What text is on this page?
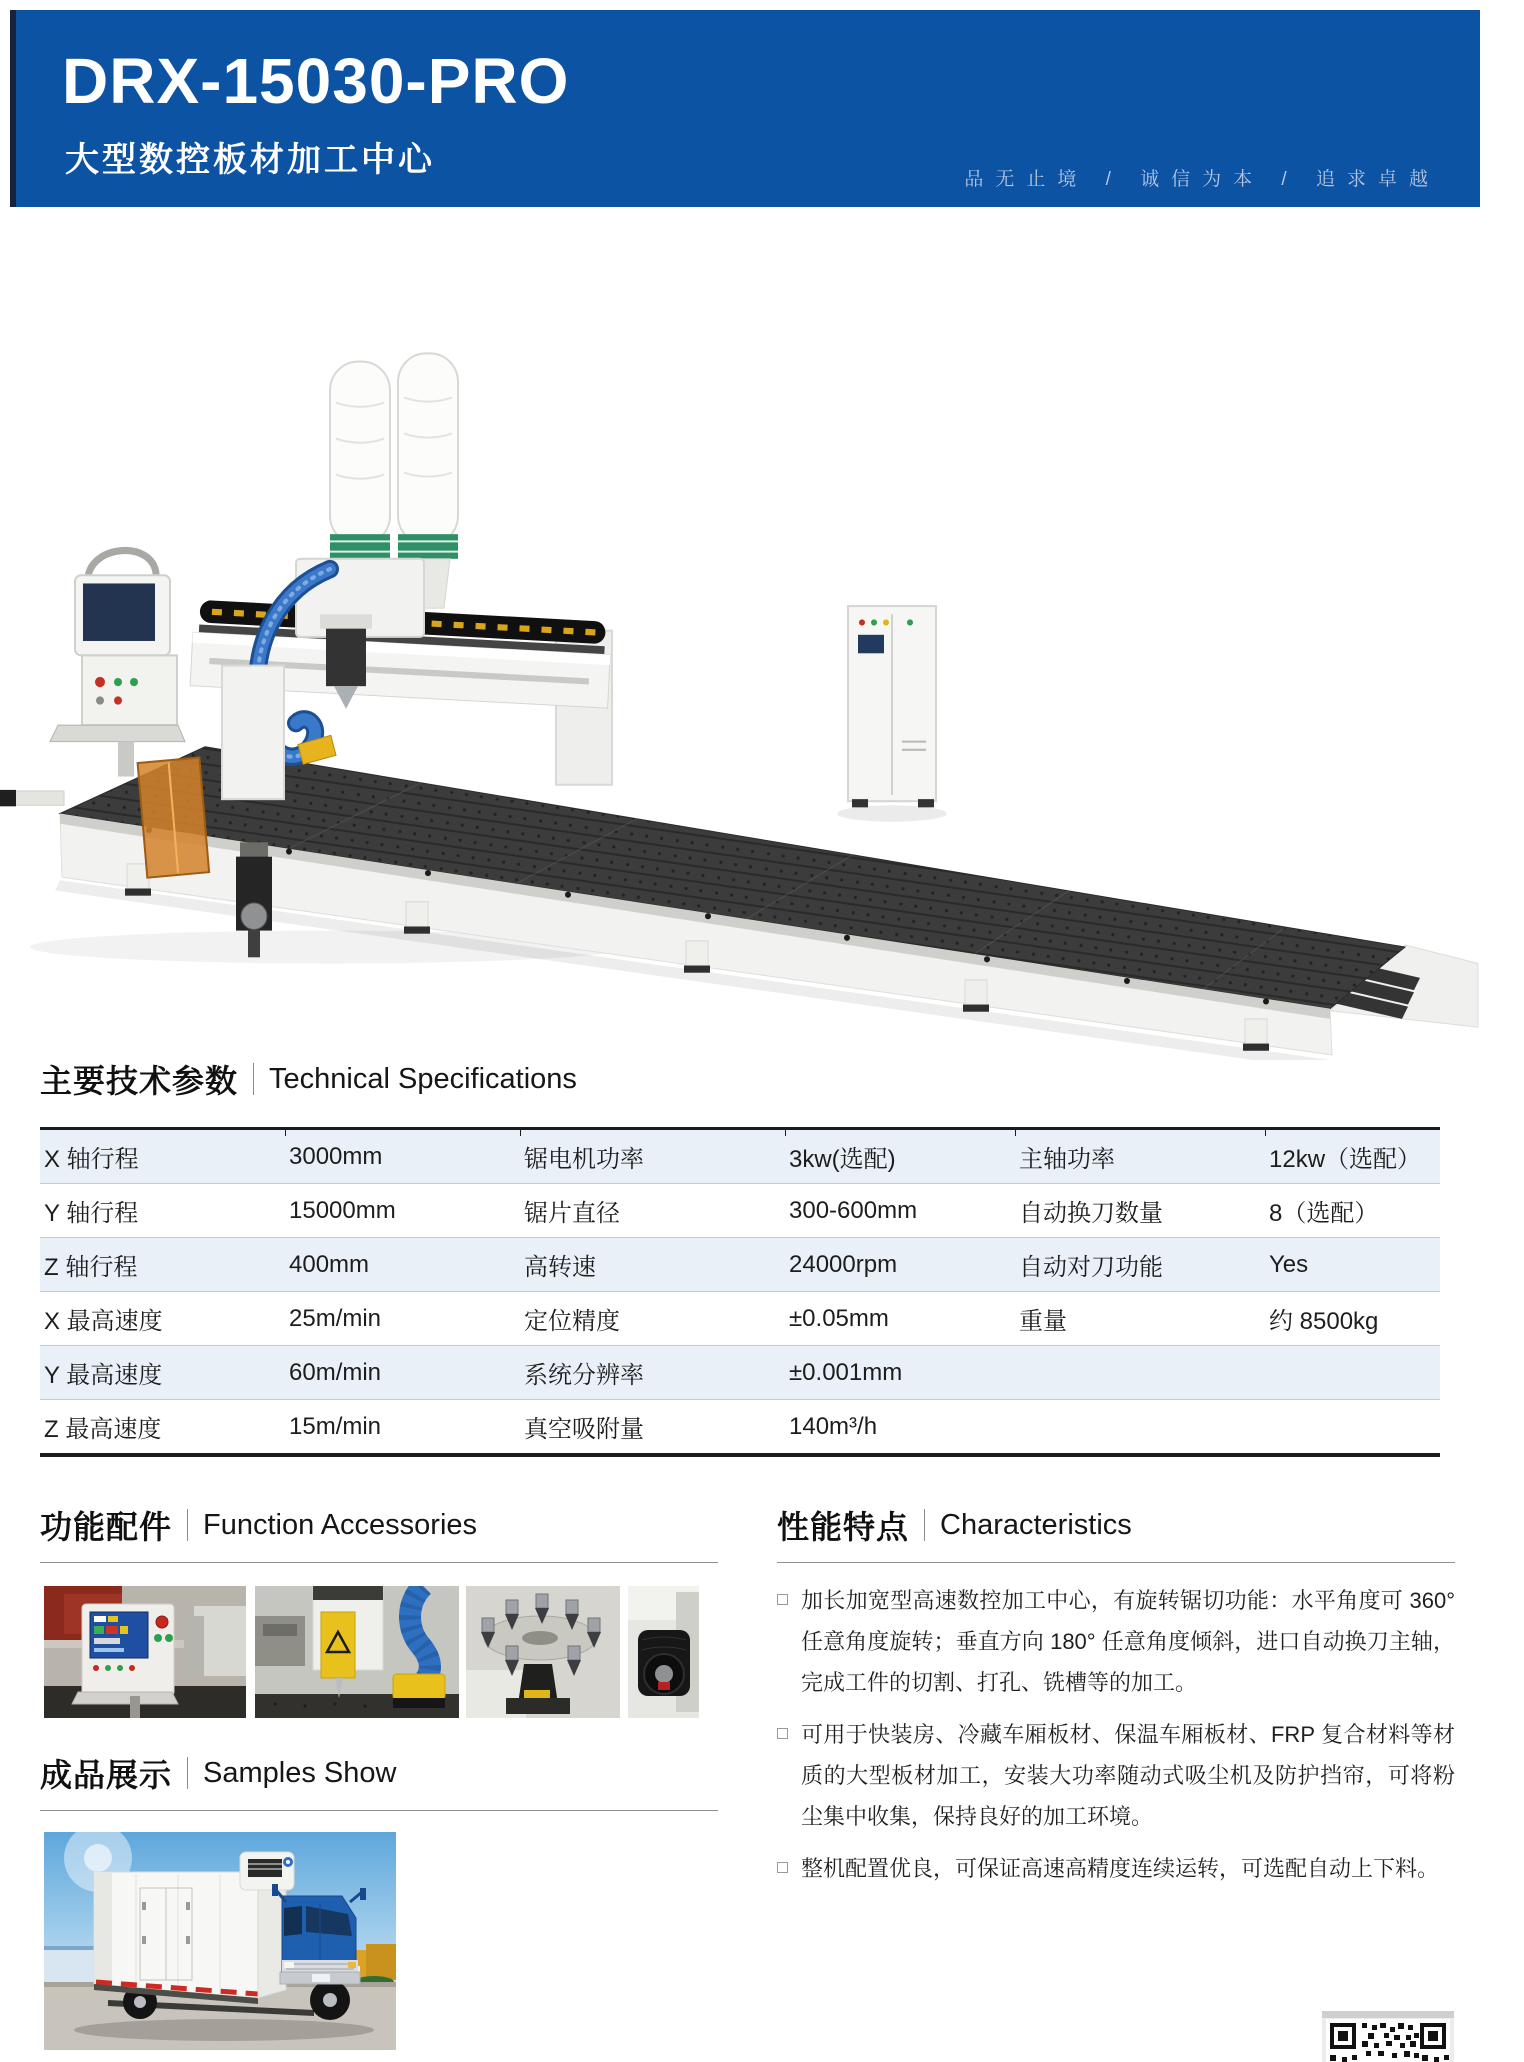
DRX-15030-PRO
大型数控板材加工中心
品无止境 / 诚信为本 / 追求卓越
主要技术参数 Technical Specifications
X 轴行程	3000mm	锯电机功率	3kw(选配)	主轴功率	12kw（选配）
Y 轴行程	15000mm	锯片直径	300-600mm	自动换刀数量	8（选配）
Z 轴行程	400mm	高转速	24000rpm	自动对刀功能	Yes
X 最高速度	25m/min	定位精度	±0.05mm	重量	约 8500kg
Y 最高速度	60m/min	系统分辨率	±0.001mm
Z 最高速度	15m/min	真空吸附量	140m³/h
功能配件 Function Accessories	性能特点 Characteristics
加长加宽型高速数控加工中心，有旋转锯切功能：水平角度可 360° 任意角度旋转；垂直方向 180° 任意角度倾斜，进口自动换刀主轴，完成工件的切割、打孔、铣槽等的加工。
可用于快装房、冷藏车厢板材、保温车厢板材、FRP 复合材料等材质的大型板材加工，安装大功率随动式吸尘机及防护挡帘，可将粉尘集中收集，保持良好的加工环境。
整机配置优良，可保证高速高精度连续运转，可选配自动上下料。
成品展示 Samples Show
